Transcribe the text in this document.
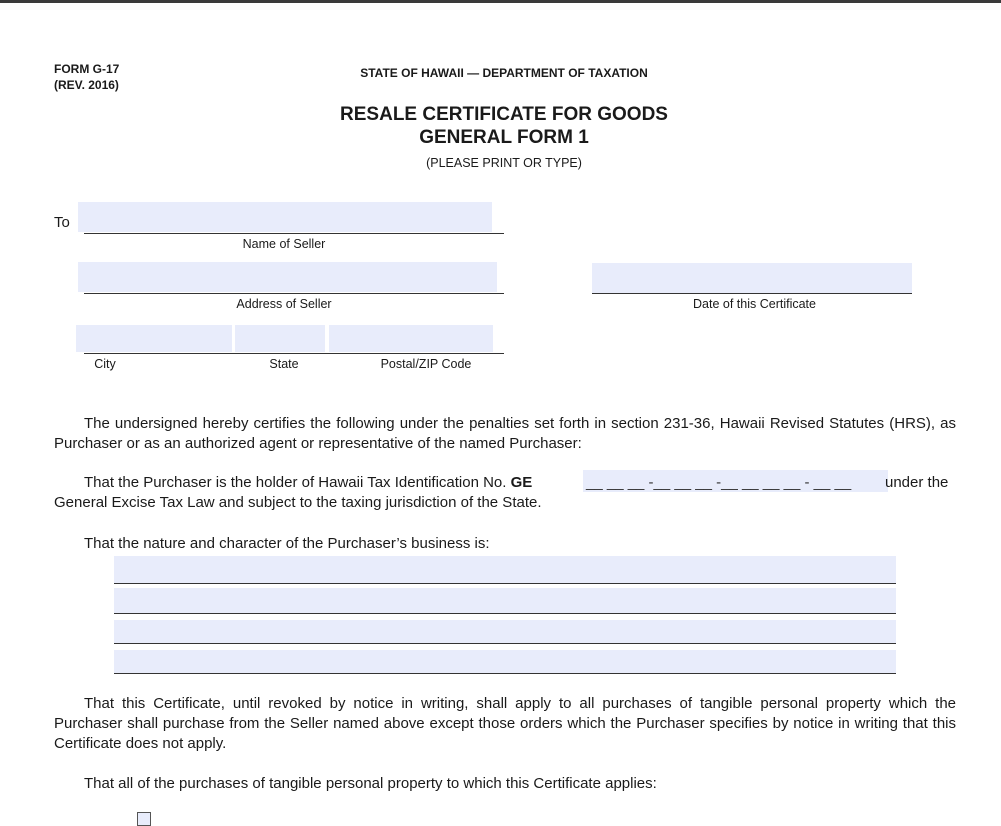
FORM G-17
(REV. 2016)
STATE OF HAWAII — DEPARTMENT OF TAXATION
RESALE CERTIFICATE FOR GOODS
GENERAL FORM 1
(PLEASE PRINT OR TYPE)
To
Name of Seller
Address of Seller	Date of this Certificate
City	State	Postal/ZIP Code
The undersigned hereby certifies the following under the penalties set forth in section 231-36, Hawaii Revised Statutes (HRS), as Purchaser or as an authorized agent or representative of the named Purchaser:
That the Purchaser is the holder of Hawaii Tax Identification No. GE	__ __ __ -__ __ __ -__ __ __ __ - __ __ under the
General Excise Tax Law and subject to the taxing jurisdiction of the State.
That the nature and character of the Purchaser’s business is:
That this Certificate, until revoked by notice in writing, shall apply to all purchases of tangible personal property which the Purchaser shall purchase from the Seller named above except those orders which the Purchaser specifies by notice in writing that this Certificate does not apply.
That all of the purchases of tangible personal property to which this Certificate applies:
